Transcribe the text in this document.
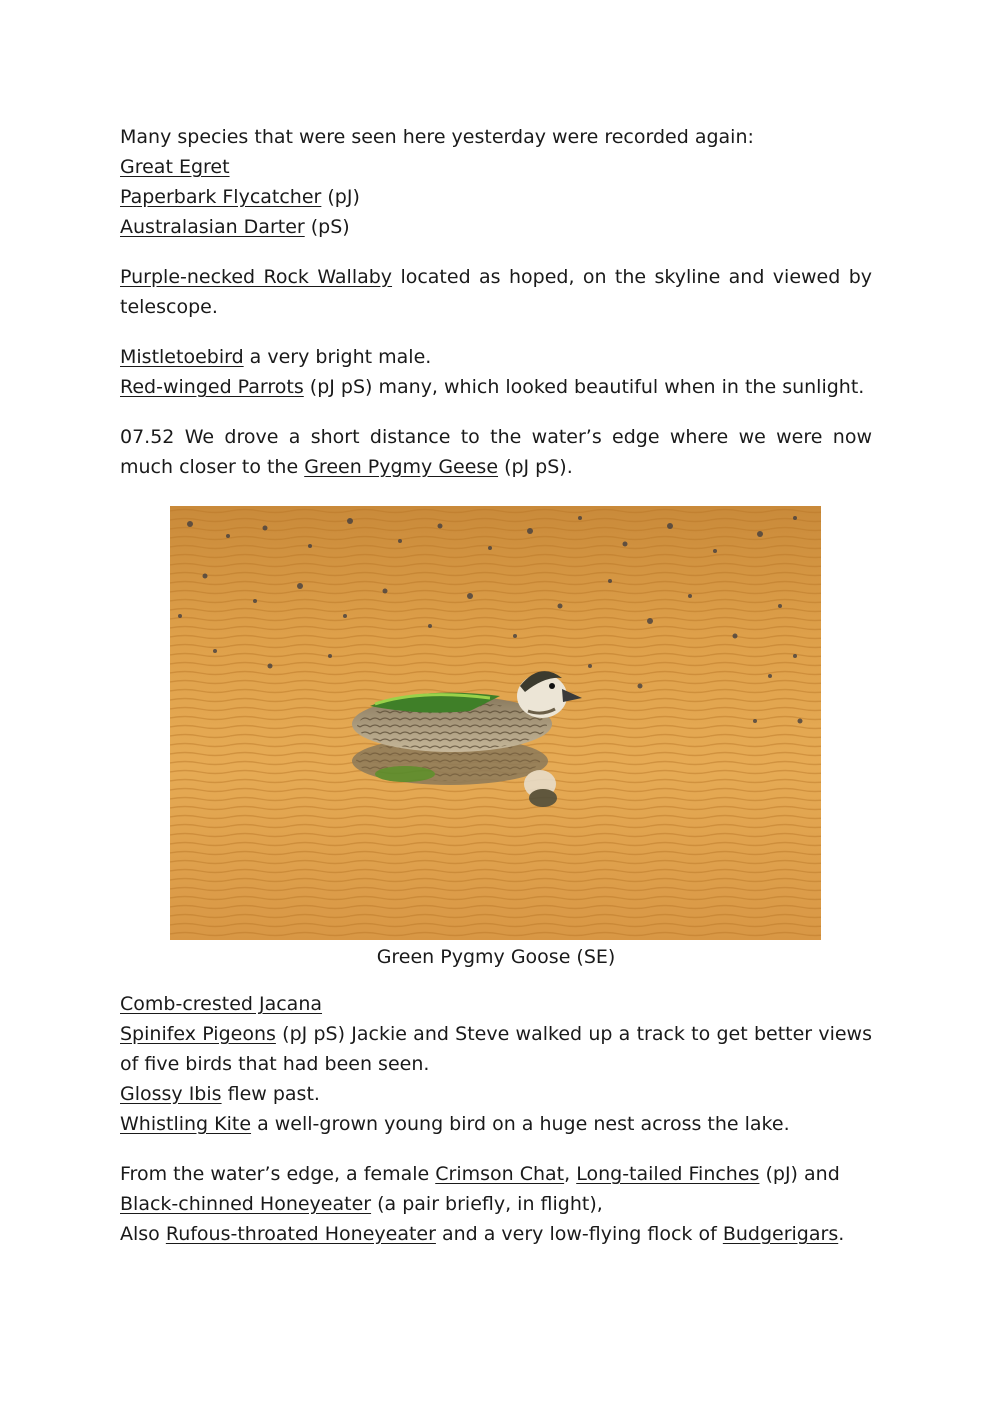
Many species that were seen here yesterday were recorded again:
Great Egret
Paperbark Flycatcher (pJ)
Australasian Darter (pS)
Purple-necked Rock Wallaby located as hoped, on the skyline and viewed by telescope.
Mistletoebird a very bright male.
Red-winged Parrots (pJ pS) many, which looked beautiful when in the sunlight.
07.52 We drove a short distance to the water’s edge where we were now much closer to the Green Pygmy Geese (pJ pS).
Green Pygmy Goose (SE)
Comb-crested Jacana
Spinifex Pigeons (pJ pS) Jackie and Steve walked up a track to get better views of five birds that had been seen.
Glossy Ibis flew past.
Whistling Kite a well-grown young bird on a huge nest across the lake.
From the water’s edge, a female Crimson Chat, Long-tailed Finches (pJ) and
Black-chinned Honeyeater (a pair briefly, in flight),
Also Rufous-throated Honeyeater and a very low-flying flock of Budgerigars.
